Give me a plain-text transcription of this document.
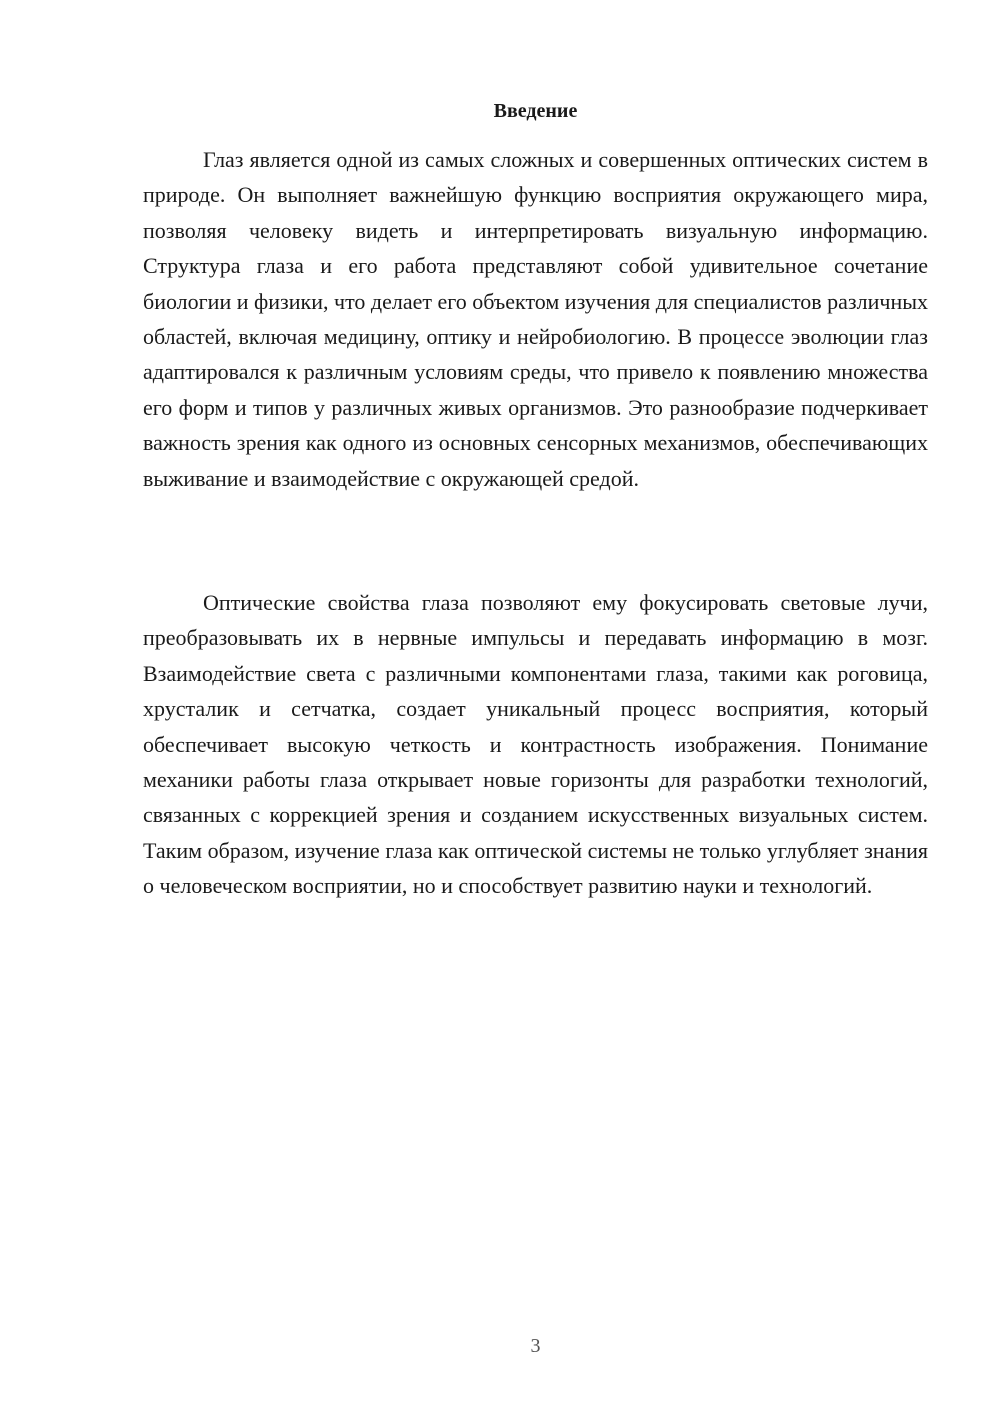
Введение

Глаз является одной из самых сложных и совершенных оптических систем в природе. Он выполняет важнейшую функцию восприятия окружающего мира, позволяя человеку видеть и интерпретировать визуальную информацию. Структура глаза и его работа представляют собой удивительное сочетание биологии и физики, что делает его объектом изучения для специалистов различных областей, включая медицину, оптику и нейробиологию. В процессе эволюции глаз адаптировался к различным условиям среды, что привело к появлению множества его форм и типов у различных живых организмов. Это разнообразие подчеркивает важность зрения как одного из основных сенсорных механизмов, обеспечивающих выживание и взаимодействие с окружающей средой.

Оптические свойства глаза позволяют ему фокусировать световые лучи, преобразовывать их в нервные импульсы и передавать информацию в мозг. Взаимодействие света с различными компонентами глаза, такими как роговица, хрусталик и сетчатка, создает уникальный процесс восприятия, который обеспечивает высокую четкость и контрастность изображения. Понимание механики работы глаза открывает новые горизонты для разработки технологий, связанных с коррекцией зрения и созданием искусственных визуальных систем. Таким образом, изучение глаза как оптической системы не только углубляет знания о человеческом восприятии, но и способствует развитию науки и технологий.

3
